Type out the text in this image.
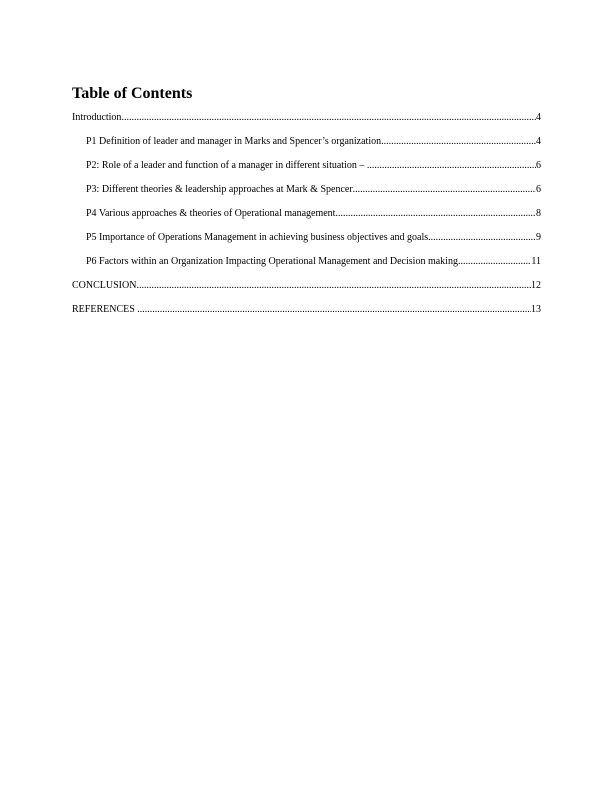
Table of Contents
Introduction .....	4
P1 Definition of leader and manager in Marks and Spencer’s organization .....	4
P2: Role of a leader and function of a manager in different situation – .....	6
P3: Different theories & leadership approaches at Mark & Spencer .....	6
P4 Various approaches & theories of Operational management .....	8
P5 Importance of Operations Management in achieving business objectives and goals .....	9
P6 Factors within an Organization Impacting Operational Management and Decision making .....	11
CONCLUSION .....	12
REFERENCES .....	13
